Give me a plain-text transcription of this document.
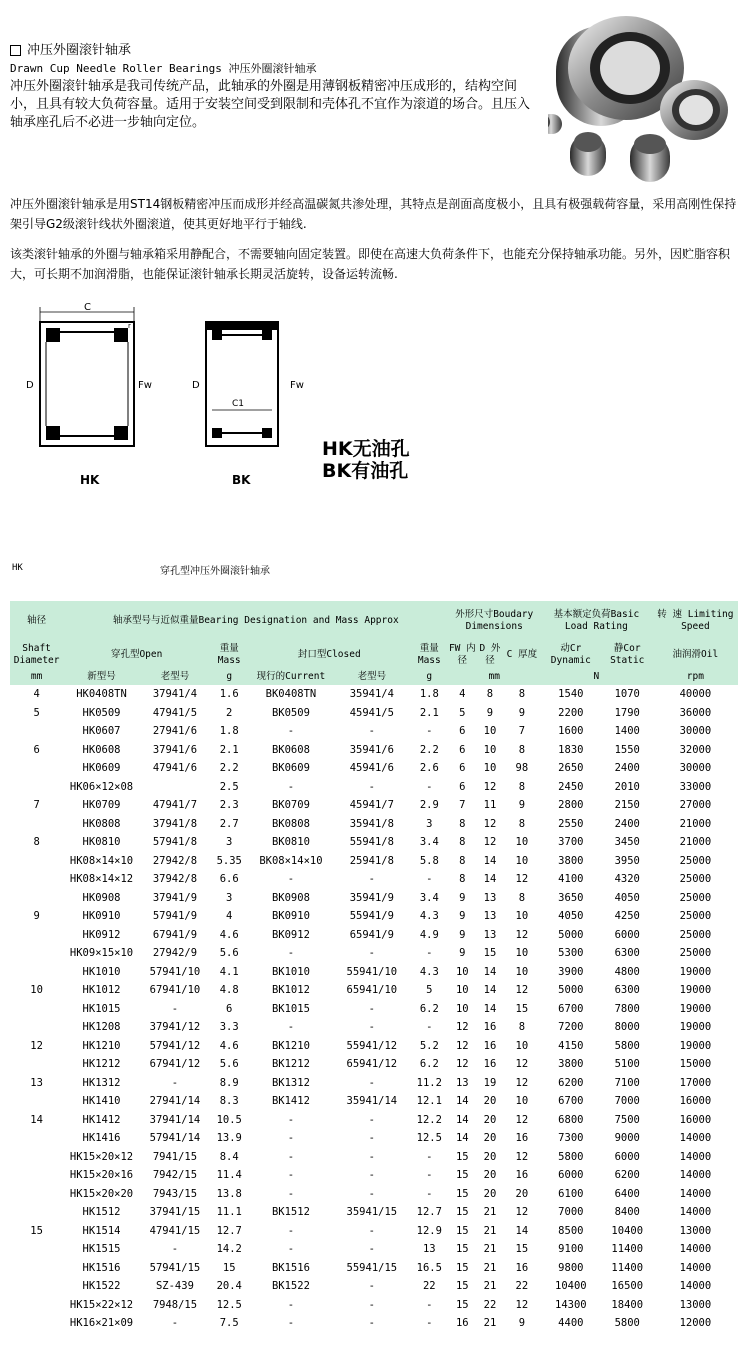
冲压外圈滚针轴承
Drawn Cup Needle Roller Bearings 冲压外圈滚针轴承
冲压外圈滚针轴承是我司传统产品，此轴承的外圈是用薄钢板精密冲压成形的，结构空间小，且具有较大负荷容量。适用于安装空间受到限制和壳体孔不宜作为滚道的场合。且压入轴承座孔后不必进一步轴向定位。
冲压外圈滚针轴承是用ST14钢板精密冲压而成形并经高温碳氮共渗处理，其特点是剖面高度极小，且具有极强载荷容量，采用高刚性保持架引导G2级滚针线状外圈滚道，使其更好地平行于轴线.
该类滚针轴承的外圈与轴承箱采用静配合，不需要轴向固定装置。即使在高速大负荷条件下，也能充分保持轴承功能。另外，因贮脂容积大，可长期不加润滑脂，也能保证滚针轴承长期灵活旋转，设备运转流畅.
C
D	Fw
r
HK
C1
Fw
D
BK
HK无油孔
BK有油孔
HK	穿孔型冲压外圈滚针轴承
轴径	轴承型号与近似重量Bearing Designation and Mass Approx						外形尺寸Boudary Dimensions			基本额定负荷Basic Load Rating		转 速 Limiting Speed
Shaft Diameter	穿孔型Open		重量Mass	封口型Closed		重量 Mass	FW 内径	D 外径	C 厚度	动Cr Dynamic	静Cor Static	油润滑Oil
mm	新型号	老型号	g	现行的Current	老型号	g	mm			N		rpm
4	HK0408TN	37941/4	1.6	BK0408TN	35941/4	1.8	4	8	8	1540	1070	40000
5	HK0509	47941/5	2	BK0509	45941/5	2.1	5	9	9	2200	1790	36000
	HK0607	27941/6	1.8	-	-	-	6	10	7	1600	1400	30000
6	HK0608	37941/6	2.1	BK0608	35941/6	2.2	6	10	8	1830	1550	32000
	HK0609	47941/6	2.2	BK0609	45941/6	2.6	6	10	98	2650	2400	30000
	HK06×12×08		2.5	-	-	-	6	12	8	2450	2010	33000
7	HK0709	47941/7	2.3	BK0709	45941/7	2.9	7	11	9	2800	2150	27000
	HK0808	37941/8	2.7	BK0808	35941/8	3	8	12	8	2550	2400	21000
8	HK0810	57941/8	3	BK0810	55941/8	3.4	8	12	10	3700	3450	21000
	HK08×14×10	27942/8	5.35	BK08×14×10	25941/8	5.8	8	14	10	3800	3950	25000
	HK08×14×12	37942/8	6.6	-	-	-	8	14	12	4100	4320	25000
	HK0908	37941/9	3	BK0908	35941/9	3.4	9	13	8	3650	4050	25000
9	HK0910	57941/9	4	BK0910	55941/9	4.3	9	13	10	4050	4250	25000
	HK0912	67941/9	4.6	BK0912	65941/9	4.9	9	13	12	5000	6000	25000
	HK09×15×10	27942/9	5.6	-	-	-	9	15	10	5300	6300	25000
	HK1010	57941/10	4.1	BK1010	55941/10	4.3	10	14	10	3900	4800	19000
10	HK1012	67941/10	4.8	BK1012	65941/10	5	10	14	12	5000	6300	19000
	HK1015	-	6	BK1015	-	6.2	10	14	15	6700	7800	19000
	HK1208	37941/12	3.3	-	-	-	12	16	8	7200	8000	19000
12	HK1210	57941/12	4.6	BK1210	55941/12	5.2	12	16	10	4150	5800	19000
	HK1212	67941/12	5.6	BK1212	65941/12	6.2	12	16	12	3800	5100	15000
13	HK1312	-	8.9	BK1312	-	11.2	13	19	12	6200	7100	17000
	HK1410	27941/14	8.3	BK1412	35941/14	12.1	14	20	10	6700	7000	16000
14	HK1412	37941/14	10.5	-	-	12.2	14	20	12	6800	7500	16000
	HK1416	57941/14	13.9	-	-	12.5	14	20	16	7300	9000	14000
	HK15×20×12	7941/15	8.4	-	-	-	15	20	12	5800	6000	14000
	HK15×20×16	7942/15	11.4	-	-	-	15	20	16	6000	6200	14000
	HK15×20×20	7943/15	13.8	-	-	-	15	20	20	6100	6400	14000
	HK1512	37941/15	11.1	BK1512	35941/15	12.7	15	21	12	7000	8400	14000
15	HK1514	47941/15	12.7	-	-	12.9	15	21	14	8500	10400	13000
	HK1515	-	14.2	-	-	13	15	21	15	9100	11400	14000
	HK1516	57941/15	15	BK1516	55941/15	16.5	15	21	16	9800	11400	14000
	HK1522	SZ-439	20.4	BK1522	-	22	15	21	22	10400	16500	14000
	HK15×22×12	7948/15	12.5	-	-	-	15	22	12	14300	18400	13000
	HK16×21×09	-	7.5	-	-	-	16	21	9	4400	5800	12000
